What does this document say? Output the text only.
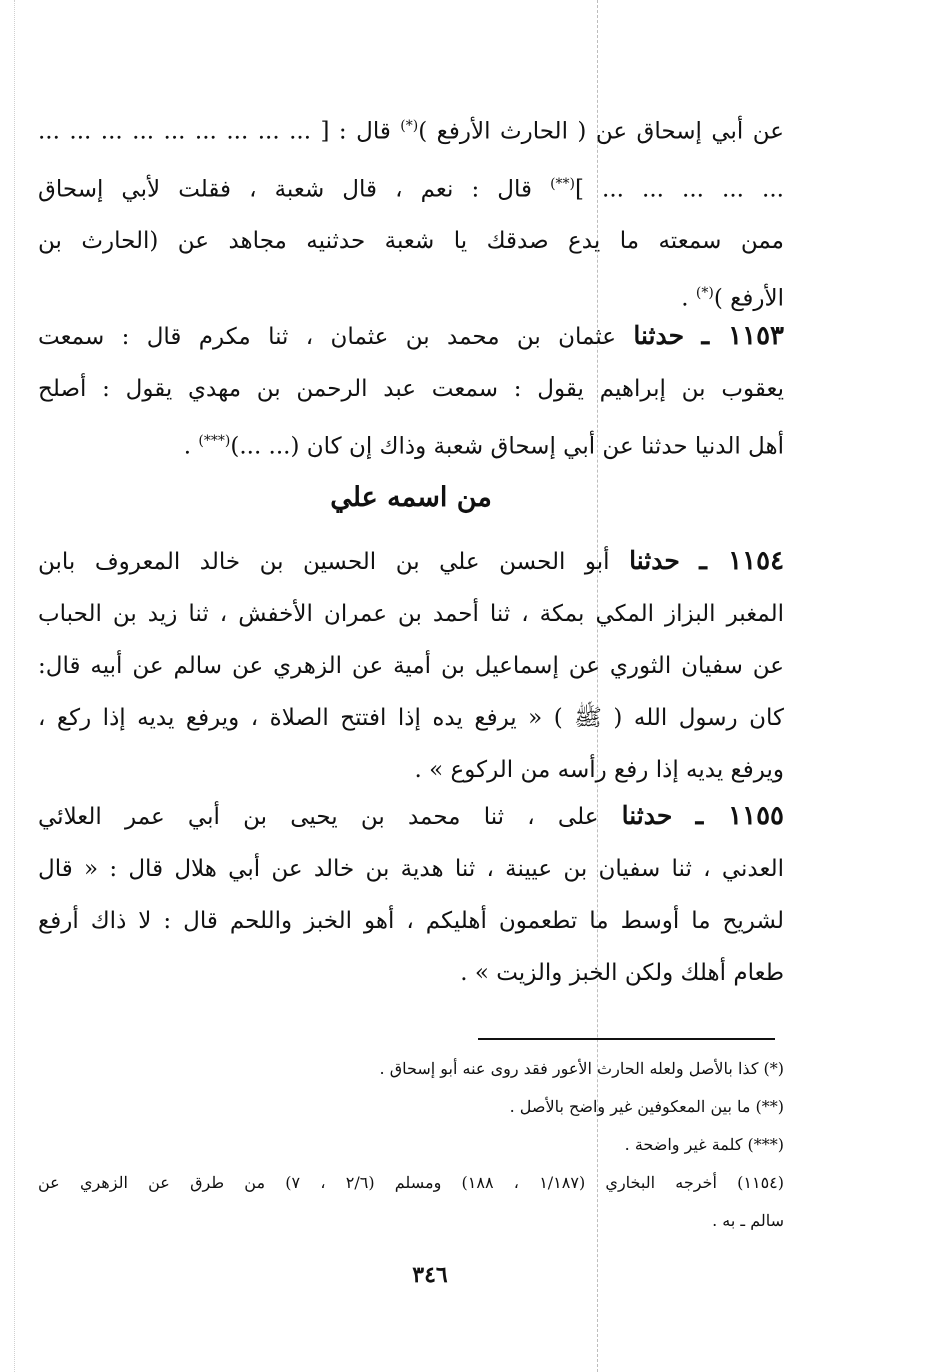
عن أبي إسحاق عن ( الحارث الأرفع )(*) قال : [ ... ... ... ... ... ... ... ... ...
... ... ... ... ... ](**) قال : نعم ، قال شعبة ، فقلت لأبي إسحاق
ممن سمعته ما يدع صدقك يا شعبة حدثنيه مجاهد عن (الحارث بن
الأرفع )(*) .
١١٥٣ ـ حدثنا عثمان بن محمد بن عثمان ، ثنا مكرم قال : سمعت
يعقوب بن إبراهيم يقول : سمعت عبد الرحمن بن مهدي يقول : أصلح
أهل الدنيا حدثنا عن أبي إسحاق شعبة وذاك إن كان (... ...)(***) .
من اسمه علي
١١٥٤ ـ حدثنا أبو الحسن علي بن الحسين بن خالد المعروف بابن
المغبر البزاز المكي بمكة ، ثنا أحمد بن عمران الأخفش ، ثنا زيد بن الحباب
عن سفيان الثوري عن إسماعيل بن أمية عن الزهري عن سالم عن أبيه قال:
كان رسول الله ( ﷺ ) « يرفع يده إذا افتتح الصلاة ، ويرفع يديه إذا ركع ،
ويرفع يديه إذا رفع رأسه من الركوع » .
١١٥٥ ـ حدثنا على ، ثنا محمد بن يحيى بن أبي عمر العلائي
العدني ، ثنا سفيان بن عيينة ، ثنا هدية بن خالد عن أبي هلال قال : « قال
لشريح ما أوسط ما تطعمون أهليكم ، أهو الخبز واللحم قال : لا ذاك أرفع
طعام أهلك ولكن الخبز والزيت » .
(*) كذا بالأصل ولعله الحارث الأعور فقد روى عنه أبو إسحاق .
(**) ما بين المعكوفين غير واضح بالأصل .
(***) كلمة غير واضحة .
(١١٥٤) أخرجه البخاري (١/١٨٧ ، ١٨٨) ومسلم (٢/٦ ، ٧) من طرق عن الزهري عن
سالم ـ به .
٣٤٦
